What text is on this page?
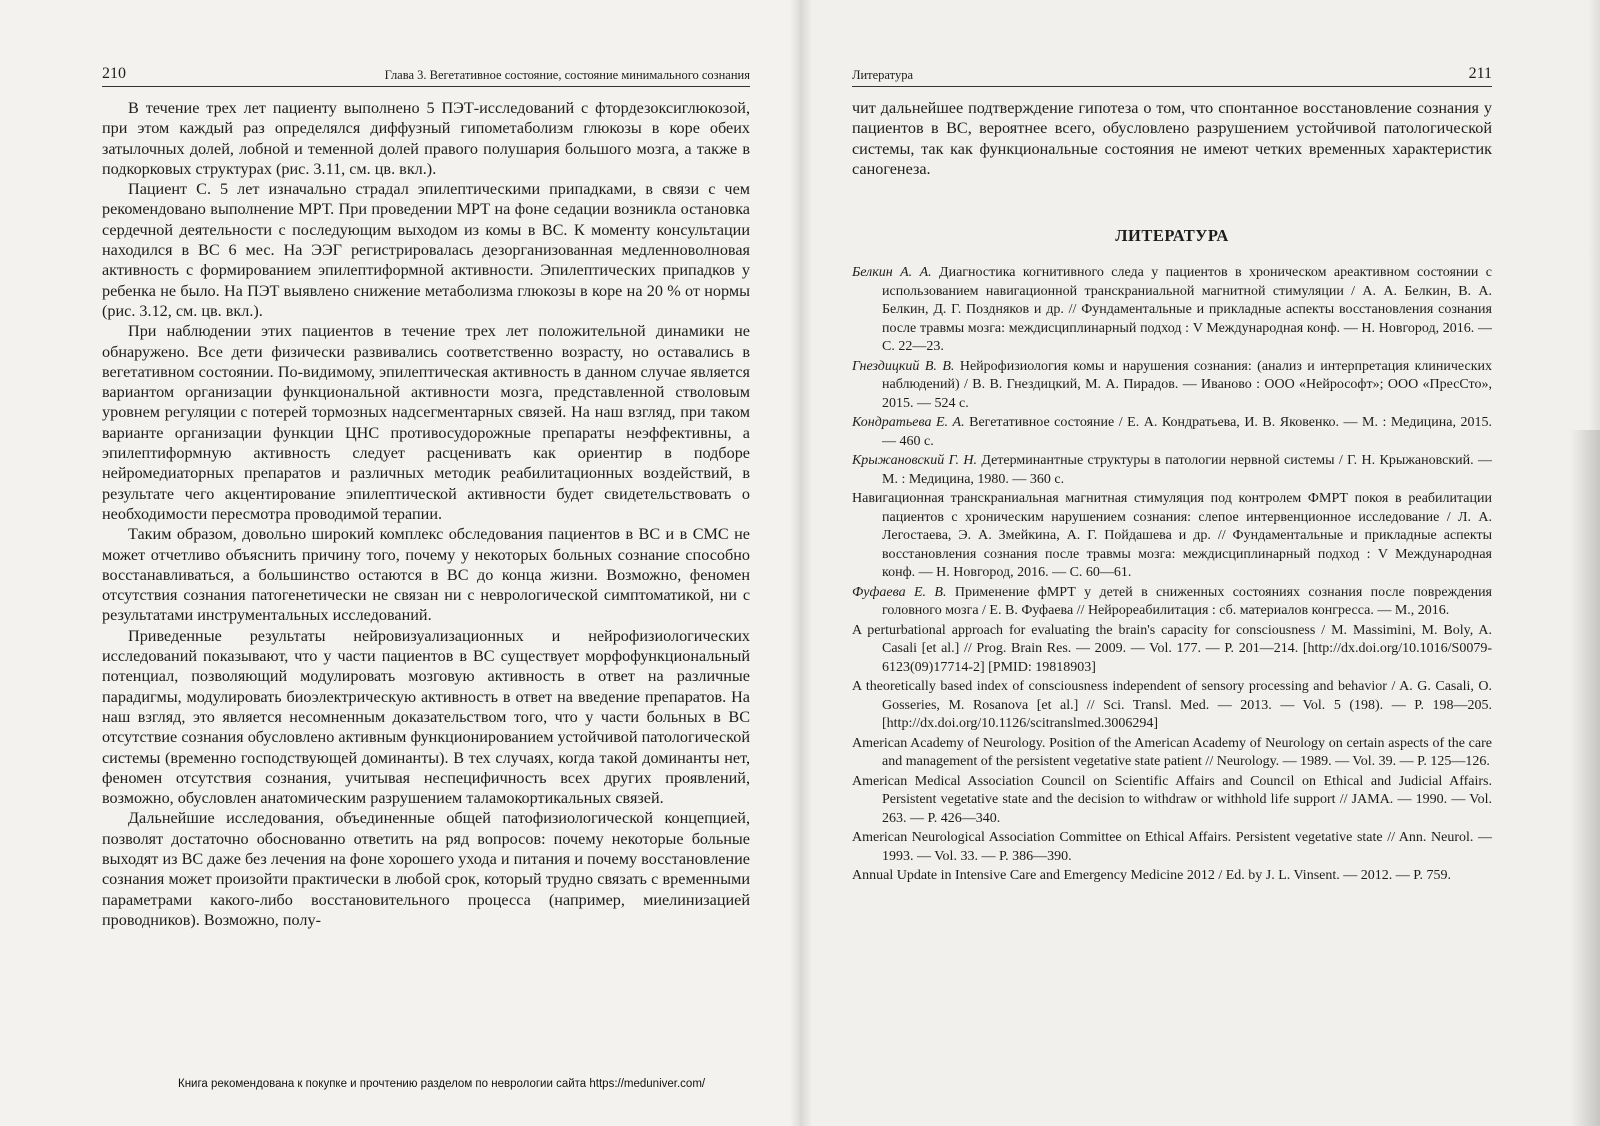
210	Глава 3. Вегетативное состояние, состояние минимального сознания

В течение трех лет пациенту выполнено 5 ПЭТ-исследований с фтордезоксиглюкозой, при этом каждый раз определялся диффузный гипометаболизм глюкозы в коре обеих затылочных долей, лобной и теменной долей правого полушария большого мозга, а также в подкорковых структурах (рис. 3.11, см. цв. вкл.).

Пациент С. 5 лет изначально страдал эпилептическими припадками, в связи с чем рекомендовано выполнение МРТ. При проведении МРТ на фоне седации возникла остановка сердечной деятельности с последующим выходом из комы в ВС. К моменту консультации находился в ВС 6 мес. На ЭЭГ регистрировалась дезорганизованная медленноволновая активность с формированием эпилептиформной активности. Эпилептических припадков у ребенка не было. На ПЭТ выявлено снижение метаболизма глюкозы в коре на 20 % от нормы (рис. 3.12, см. цв. вкл.).

При наблюдении этих пациентов в течение трех лет положительной динамики не обнаружено. Все дети физически развивались соответственно возрасту, но оставались в вегетативном состоянии. По-видимому, эпилептическая активность в данном случае является вариантом организации функциональной активности мозга, представленной стволовым уровнем регуляции с потерей тормозных надсегментарных связей. На наш взгляд, при таком варианте организации функции ЦНС противосудорожные препараты неэффективны, а эпилептиформную активность следует расценивать как ориентир в подборе нейромедиаторных препаратов и различных методик реабилитационных воздействий, в результате чего акцентирование эпилептической активности будет свидетельствовать о необходимости пересмотра проводимой терапии.

Таким образом, довольно широкий комплекс обследования пациентов в ВС и в СМС не может отчетливо объяснить причину того, почему у некоторых больных сознание способно восстанавливаться, а большинство остаются в ВС до конца жизни. Возможно, феномен отсутствия сознания патогенетически не связан ни с неврологической симптоматикой, ни с результатами инструментальных исследований.

Приведенные результаты нейровизуализационных и нейрофизиологических исследований показывают, что у части пациентов в ВС существует морфофункциональный потенциал, позволяющий модулировать мозговую активность в ответ на различные парадигмы, модулировать биоэлектрическую активность в ответ на введение препаратов. На наш взгляд, это является несомненным доказательством того, что у части больных в ВС отсутствие сознания обусловлено активным функционированием устойчивой патологической системы (временно господствующей доминанты). В тех случаях, когда такой доминанты нет, феномен отсутствия сознания, учитывая неспецифичность всех других проявлений, возможно, обусловлен анатомическим разрушением таламокортикальных связей.

Дальнейшие исследования, объединенные общей патофизиологической концепцией, позволят достаточно обоснованно ответить на ряд вопросов: почему некоторые больные выходят из ВС даже без лечения на фоне хорошего ухода и питания и почему восстановление сознания может произойти практически в любой срок, который трудно связать с временными параметрами какого-либо восстановительного процесса (например, миелинизацией проводников). Возможно, полу-

Литература	211

чит дальнейшее подтверждение гипотеза о том, что спонтанное восстановление сознания у пациентов в ВС, вероятнее всего, обусловлено разрушением устойчивой патологической системы, так как функциональные состояния не имеют четких временных характеристик саногенеза.

ЛИТЕРАТУРА
Белкин А. А. Диагностика когнитивного следа у пациентов в хроническом ареактивном состоянии с использованием навигационной транскраниальной магнитной стимуляции / А. А. Белкин, В. А. Белкин, Д. Г. Поздняков и др. // Фундаментальные и прикладные аспекты восстановления сознания после травмы мозга: междисциплинарный подход : V Международная конф. — Н. Новгород, 2016. — С. 22—23.
Гнездицкий В. В. Нейрофизиология комы и нарушения сознания: (анализ и интерпретация клинических наблюдений) / В. В. Гнездицкий, М. А. Пирадов. — Иваново : ООО «Нейрософт»; ООО «ПресСто», 2015. — 524 с.
Кондратьева Е. А. Вегетативное состояние / Е. А. Кондратьева, И. В. Яковенко. — М. : Медицина, 2015. — 460 с.
Крыжановский Г. Н. Детерминантные структуры в патологии нервной системы / Г. Н. Крыжановский. — М. : Медицина, 1980. — 360 с.
Навигационная транскраниальная магнитная стимуляция под контролем ФМРТ покоя в реабилитации пациентов с хроническим нарушением сознания: слепое интервенционное исследование / Л. А. Легостаева, Э. А. Змейкина, А. Г. Пойдашева и др. // Фундаментальные и прикладные аспекты восстановления сознания после травмы мозга: междисциплинарный подход : V Международная конф. — Н. Новгород, 2016. — С. 60—61.
Фуфаева Е. В. Применение фМРТ у детей в сниженных состояниях сознания после повреждения головного мозга / Е. В. Фуфаева // Нейрореабилитация : сб. материалов конгресса. — М., 2016.
A perturbational approach for evaluating the brain's capacity for consciousness / M. Massimini, M. Boly, A. Casali [et al.] // Prog. Brain Res. — 2009. — Vol. 177. — P. 201—214. [http://dx.doi.org/10.1016/S0079-6123(09)17714-2] [PMID: 19818903]
A theoretically based index of consciousness independent of sensory processing and behavior / A. G. Casali, O. Gosseries, M. Rosanova [et al.] // Sci. Transl. Med. — 2013. — Vol. 5 (198). — P. 198—205. [http://dx.doi.org/10.1126/scitranslmed.3006294]
American Academy of Neurology. Position of the American Academy of Neurology on certain aspects of the care and management of the persistent vegetative state patient // Neurology. — 1989. — Vol. 39. — P. 125—126.
American Medical Association Council on Scientific Affairs and Council on Ethical and Judicial Affairs. Persistent vegetative state and the decision to withdraw or withhold life support // JAMA. — 1990. — Vol. 263. — P. 426—340.
American Neurological Association Committee on Ethical Affairs. Persistent vegetative state // Ann. Neurol. — 1993. — Vol. 33. — P. 386—390.
Annual Update in Intensive Care and Emergency Medicine 2012 / Ed. by J. L. Vinsent. — 2012. — P. 759.
Книга рекомендована к покупке и прочтению разделом по неврологии сайта https://meduniver.com/
